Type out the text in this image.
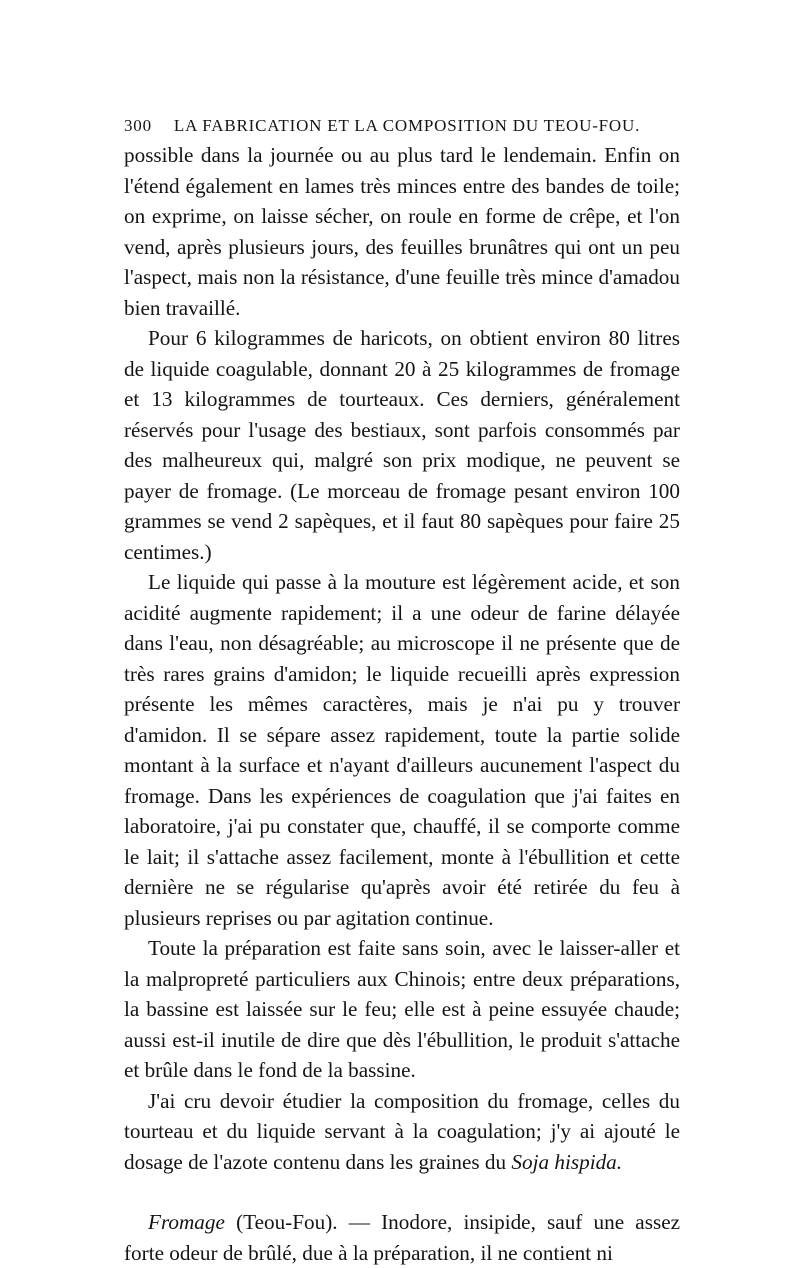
300 LA FABRICATION ET LA COMPOSITION DU TEOU-FOU.

possible dans la journée ou au plus tard le lendemain. Enfin on l'étend également en lames très minces entre des bandes de toile; on exprime, on laisse sécher, on roule en forme de crêpe, et l'on vend, après plusieurs jours, des feuilles brunâtres qui ont un peu l'aspect, mais non la résistance, d'une feuille très mince d'amadou bien travaillé.

Pour 6 kilogrammes de haricots, on obtient environ 80 litres de liquide coagulable, donnant 20 à 25 kilogrammes de fromage et 13 kilogrammes de tourteaux. Ces derniers, généralement réservés pour l'usage des bestiaux, sont parfois consommés par des malheureux qui, malgré son prix modique, ne peuvent se payer de fromage. (Le morceau de fromage pesant environ 100 grammes se vend 2 sapèques, et il faut 80 sapèques pour faire 25 centimes.)

Le liquide qui passe à la mouture est légèrement acide, et son acidité augmente rapidement; il a une odeur de farine délayée dans l'eau, non désagréable; au microscope il ne présente que de très rares grains d'amidon; le liquide recueilli après expression présente les mêmes caractères, mais je n'ai pu y trouver d'amidon. Il se sépare assez rapidement, toute la partie solide montant à la surface et n'ayant d'ailleurs aucunement l'aspect du fromage. Dans les expériences de coagulation que j'ai faites en laboratoire, j'ai pu constater que, chauffé, il se comporte comme le lait; il s'attache assez facilement, monte à l'ébullition et cette dernière ne se régularise qu'après avoir été retirée du feu à plusieurs reprises ou par agitation continue.

Toute la préparation est faite sans soin, avec le laisser-aller et la malpropreté particuliers aux Chinois; entre deux préparations, la bassine est laissée sur le feu; elle est à peine essuyée chaude; aussi est-il inutile de dire que dès l'ébullition, le produit s'attache et brûle dans le fond de la bassine.

J'ai cru devoir étudier la composition du fromage, celles du tourteau et du liquide servant à la coagulation; j'y ai ajouté le dosage de l'azote contenu dans les graines du Soja hispida.

Fromage (Teou-Fou). — Inodore, insipide, sauf une assez forte odeur de brûlé, due à la préparation, il ne contient ni
